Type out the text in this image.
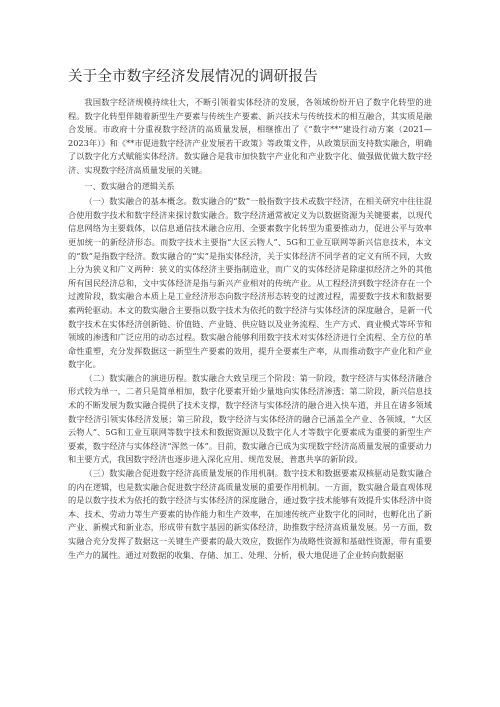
关于全市数字经济发展情况的调研报告

我国数字经济规模持续壮大，不断引领着实体经济的发展，各领域纷纷开启了数字化转型的进程。数字化转型伴随着新型生产要素与传统生产要素、新兴技术与传统技术的相互融合，其实质是融合发展。市政府十分重视数字经济的高质量发展，相继推出了《“数字**”建设行动方案（2021—2023年）》和《**市促进数字经济产业发展若干政策》等政策文件，从政策层面支持数实融合，明确了以数字化方式赋能实体经济。数实融合是我市加快数字产业化和产业数字化、做强做优做大数字经济、实现数字经济高质量发展的关键。

一、数实融合的逻辑关系

（一）数实融合的基本概念。数实融合的“数”一般指数字技术或数字经济，在相关研究中往往混合使用数字技术和数字经济来探讨数实融合。数字经济通常被定义为以数据资源为关键要素，以现代信息网络为主要载体，以信息通信技术融合应用、全要素数字化转型为重要推动力，促进公平与效率更加统一的新经济形态。而数字技术主要指“大区云物人”、5G和工业互联网等新兴信息技术，本文的“数”是指数字经济。数实融合的“实”是指实体经济，关于实体经济不同学者的定义有所不同，大致上分为狭义和广义两种：狭义的实体经济主要指制造业，而广义的实体经济是除虚拟经济之外的其他所有国民经济总和，文中实体经济是指与新兴产业相对的传统产业。从工程经济到数字经济存在一个过渡阶段，数实融合本质上是工业经济形态向数字经济形态转变的过渡过程，需要数字技术和数据要素两轮驱动。本文的数实融合主要指以数字技术为依托的数字经济与实体经济的深度融合，是新一代数字技术在实体经济创新链、价值链、产业链、供应链以及业务流程、生产方式、商业模式等环节和领域的渗透和广泛应用的动态过程。数实融合能够利用数字技术对实体经济进行全流程、全方位的革命性重塑，充分发挥数据这一新型生产要素的效用，提升全要素生产率，从而推动数字产业化和产业数字化。

（二）数实融合的演进历程。数实融合大致呈现三个阶段：第一阶段，数字经济与实体经济融合形式较为单一，二者只是简单相加，数字化要素开始少量地向实体经济渗透；第二阶段，新兴信息技术的不断发展为数实融合提供了技术支撑，数字经济与实体经济的融合进入快车道，并且在诸多领域数字经济引领实体经济发展；第三阶段，数字经济与实体经济的融合已涵盖全产业、各领域，“大区云物人”、5G和工业互联网等数字技术和数据资源以及数字化人才等数字化要素成为重要的新型生产要素，数字经济与实体经济“浑然一体”。目前，数实融合已成为实现数字经济高质量发展的重要动力和主要方式，我国数字经济也逐步进入深化应用、规范发展、普惠共享的新阶段。

（三）数实融合促进数字经济高质量发展的作用机制。数字技术和数据要素双核驱动是数实融合的内在逻辑，也是数实融合促进数字经济高质量发展的重要作用机制。一方面，数实融合最直观体现的是以数字技术为依托的数字经济与实体经济的深度融合，通过数字技术能够有效提升实体经济中资本、技术、劳动力等生产要素的协作能力和生产效率，在加速传统产业数字化的同时，也孵化出了新产业、新模式和新业态，形成带有数字基因的新实体经济，助推数字经济高质量发展。另一方面，数实融合充分发挥了数据这一关键生产要素的最大效应，数据作为战略性资源和基础性资源，带有重要生产力的属性。通过对数据的收集、存储、加工、处理、分析，极大地促进了企业转向数据驱
